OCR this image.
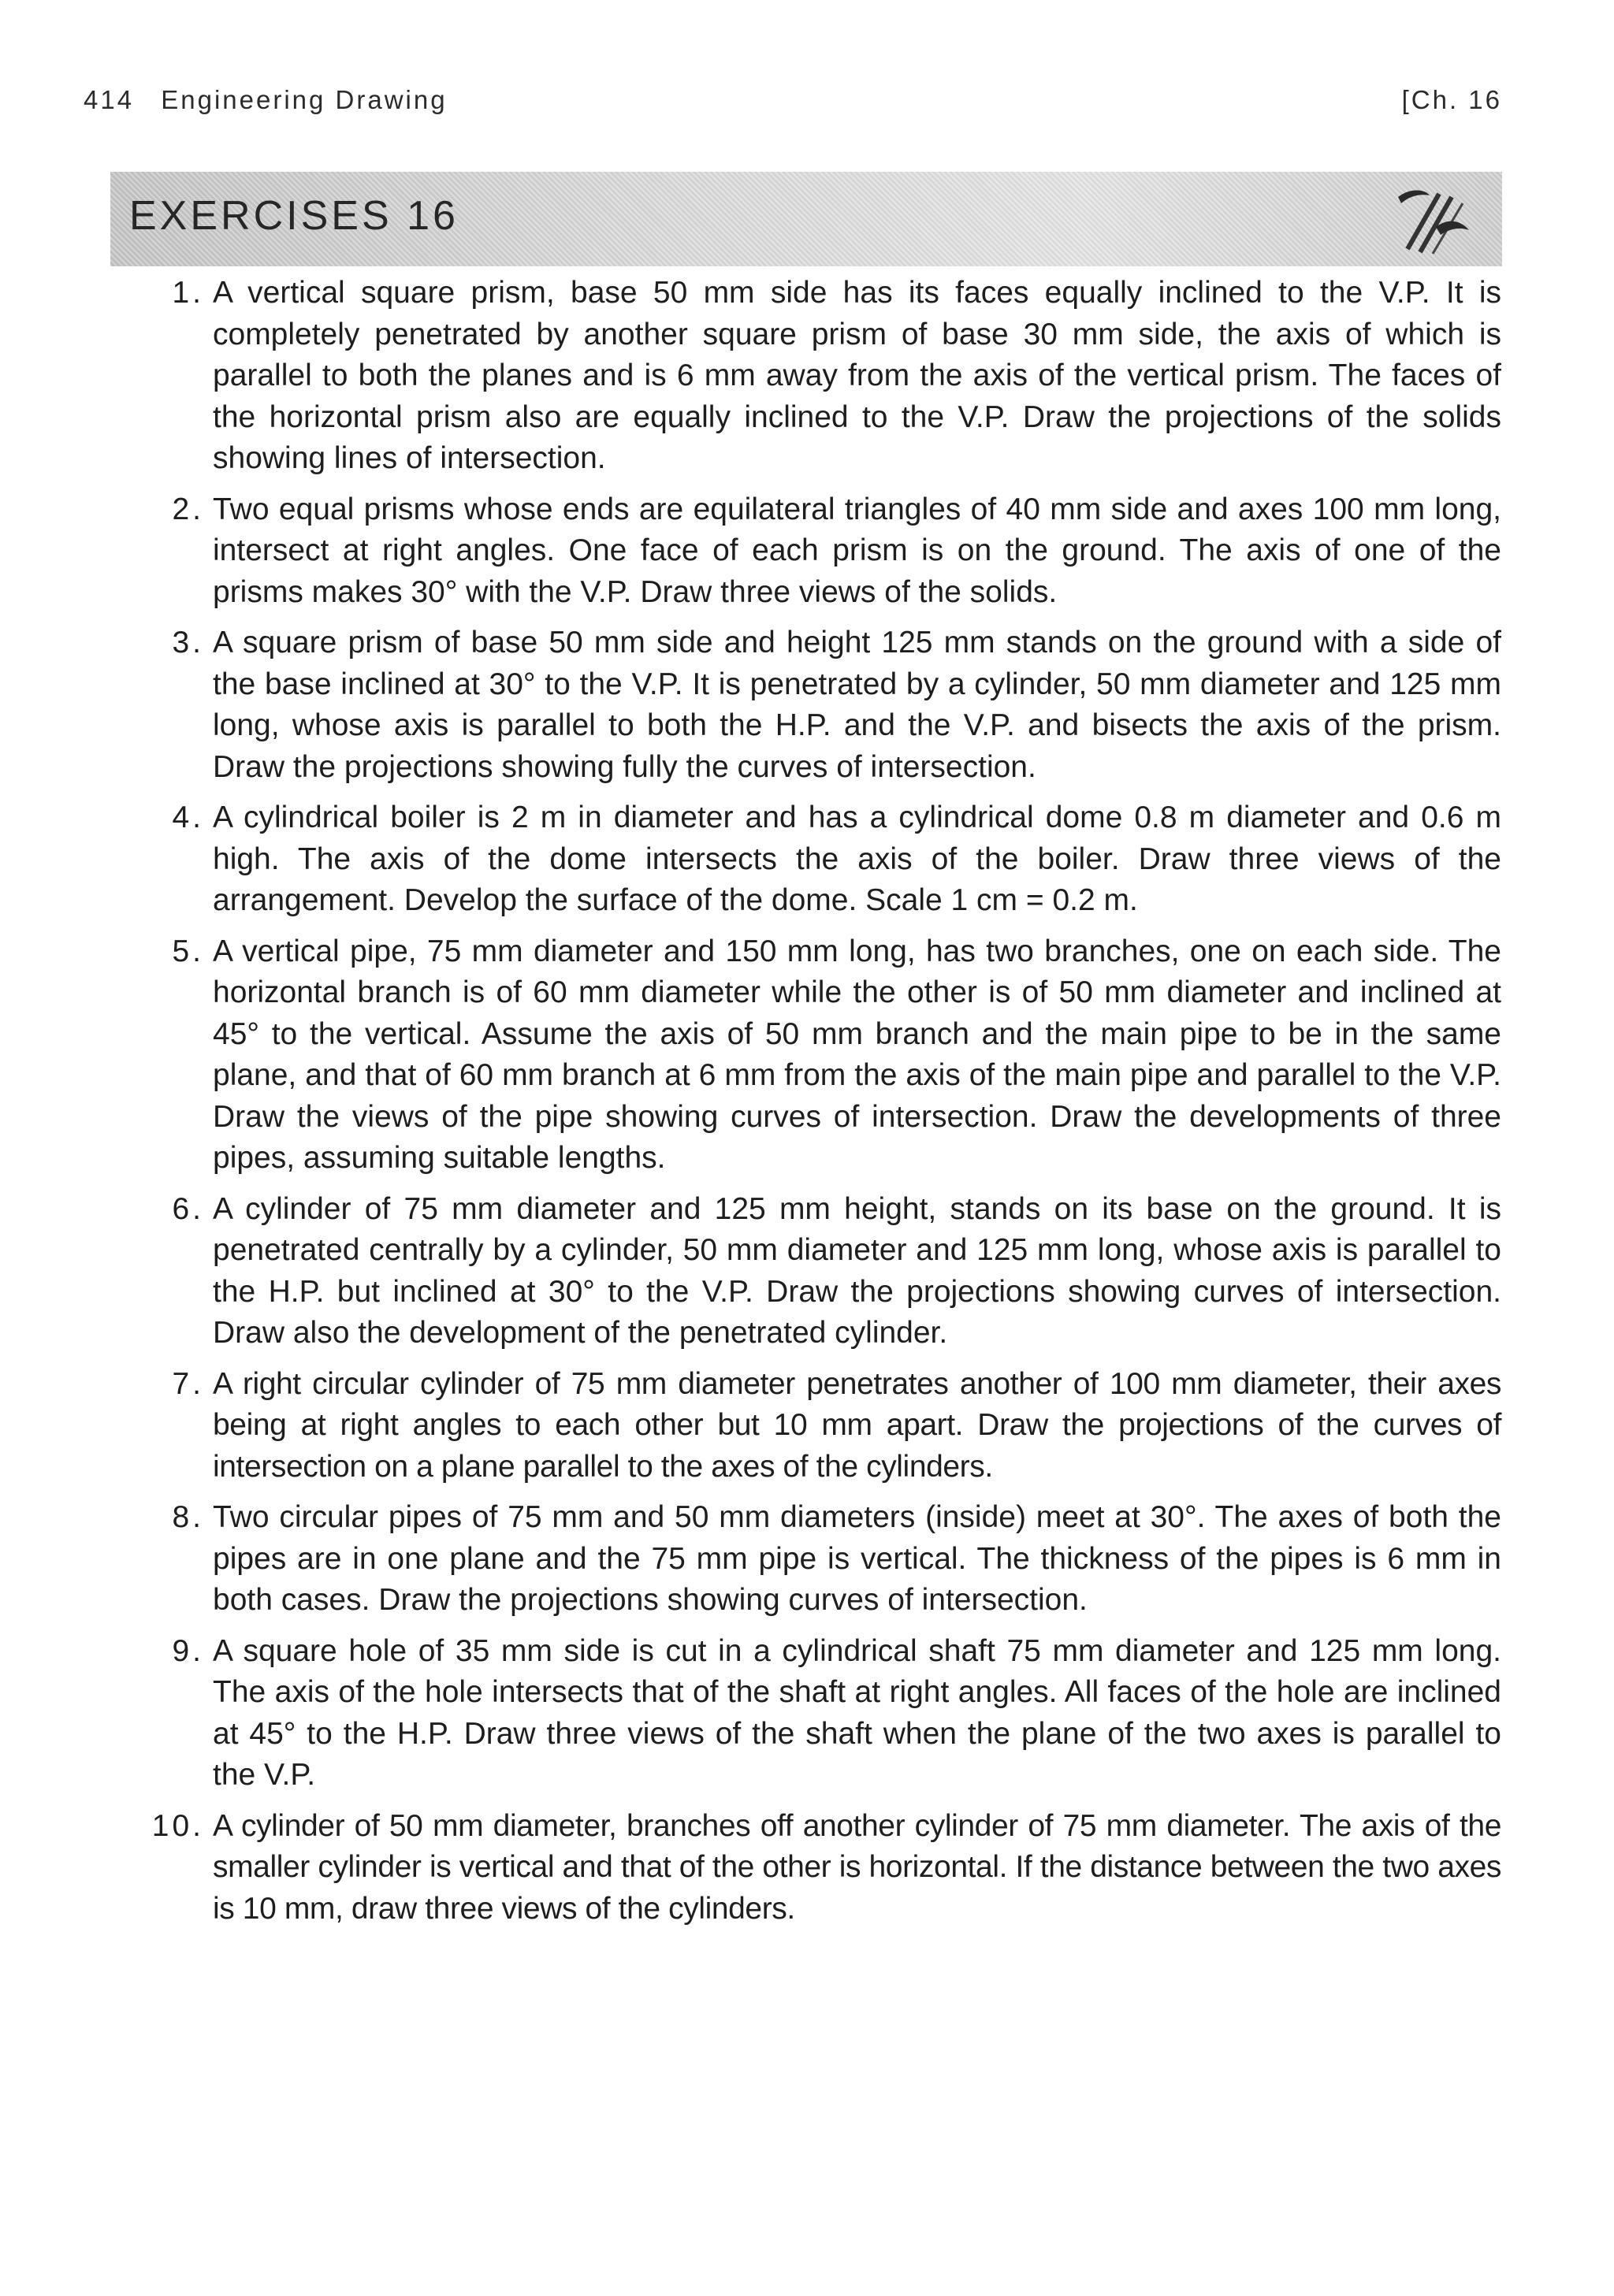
414 Engineering Drawing	[Ch. 16
EXERCISES 16
1. A vertical square prism, base 50 mm side has its faces equally inclined to the V.P. It is completely penetrated by another square prism of base 30 mm side, the axis of which is parallel to both the planes and is 6 mm away from the axis of the vertical prism. The faces of the horizontal prism also are equally inclined to the V.P. Draw the projections of the solids showing lines of intersection.
2. Two equal prisms whose ends are equilateral triangles of 40 mm side and axes 100 mm long, intersect at right angles. One face of each prism is on the ground. The axis of one of the prisms makes 30° with the V.P. Draw three views of the solids.
3. A square prism of base 50 mm side and height 125 mm stands on the ground with a side of the base inclined at 30° to the V.P. It is penetrated by a cylinder, 50 mm diameter and 125 mm long, whose axis is parallel to both the H.P. and the V.P. and bisects the axis of the prism. Draw the projections showing fully the curves of intersection.
4. A cylindrical boiler is 2 m in diameter and has a cylindrical dome 0.8 m diameter and 0.6 m high. The axis of the dome intersects the axis of the boiler. Draw three views of the arrangement. Develop the surface of the dome. Scale 1 cm = 0.2 m.
5. A vertical pipe, 75 mm diameter and 150 mm long, has two branches, one on each side. The horizontal branch is of 60 mm diameter while the other is of 50 mm diameter and inclined at 45° to the vertical. Assume the axis of 50 mm branch and the main pipe to be in the same plane, and that of 60 mm branch at 6 mm from the axis of the main pipe and parallel to the V.P. Draw the views of the pipe showing curves of intersection. Draw the developments of three pipes, assuming suitable lengths.
6. A cylinder of 75 mm diameter and 125 mm height, stands on its base on the ground. It is penetrated centrally by a cylinder, 50 mm diameter and 125 mm long, whose axis is parallel to the H.P. but inclined at 30° to the V.P. Draw the projections showing curves of intersection. Draw also the development of the penetrated cylinder.
7. A right circular cylinder of 75 mm diameter penetrates another of 100 mm diameter, their axes being at right angles to each other but 10 mm apart. Draw the projections of the curves of intersection on a plane parallel to the axes of the cylinders.
8. Two circular pipes of 75 mm and 50 mm diameters (inside) meet at 30°. The axes of both the pipes are in one plane and the 75 mm pipe is vertical. The thickness of the pipes is 6 mm in both cases. Draw the projections showing curves of intersection.
9. A square hole of 35 mm side is cut in a cylindrical shaft 75 mm diameter and 125 mm long. The axis of the hole intersects that of the shaft at right angles. All faces of the hole are inclined at 45° to the H.P. Draw three views of the shaft when the plane of the two axes is parallel to the V.P.
10. A cylinder of 50 mm diameter, branches off another cylinder of 75 mm diameter. The axis of the smaller cylinder is vertical and that of the other is horizontal. If the distance between the two axes is 10 mm, draw three views of the cylinders.
